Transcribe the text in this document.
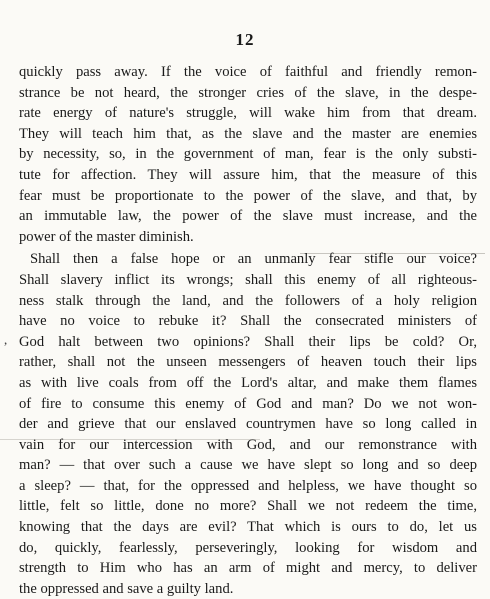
12
,
quickly pass away. If the voice of faithful and friendly remon-
strance be not heard, the stronger cries of the slave, in the despe-
rate energy of nature's struggle, will wake him from that dream.
They will teach him that, as the slave and the master are enemies
by necessity, so, in the government of man, fear is the only substi-
tute for affection. They will assure him, that the measure of this
fear must be proportionate to the power of the slave, and that, by
an immutable law, the power of the slave must increase, and the
power of the master diminish.
Shall then a false hope or an unmanly fear stifle our voice?
Shall slavery inflict its wrongs; shall this enemy of all righteous-
ness stalk through the land, and the followers of a holy religion
have no voice to rebuke it? Shall the consecrated ministers of
God halt between two opinions? Shall their lips be cold? Or,
rather, shall not the unseen messengers of heaven touch their lips
as with live coals from off the Lord's altar, and make them flames
of fire to consume this enemy of God and man? Do we not won-
der and grieve that our enslaved countrymen have so long called in
vain for our intercession with God, and our remonstrance with
man? — that over such a cause we have slept so long and so deep
a sleep? — that, for the oppressed and helpless, we have thought so
little, felt so little, done no more? Shall we not redeem the time,
knowing that the days are evil? That which is ours to do, let us
do, quickly, fearlessly, perseveringly, looking for wisdom and
strength to Him who has an arm of might and mercy, to deliver
the oppressed and save a guilty land.
